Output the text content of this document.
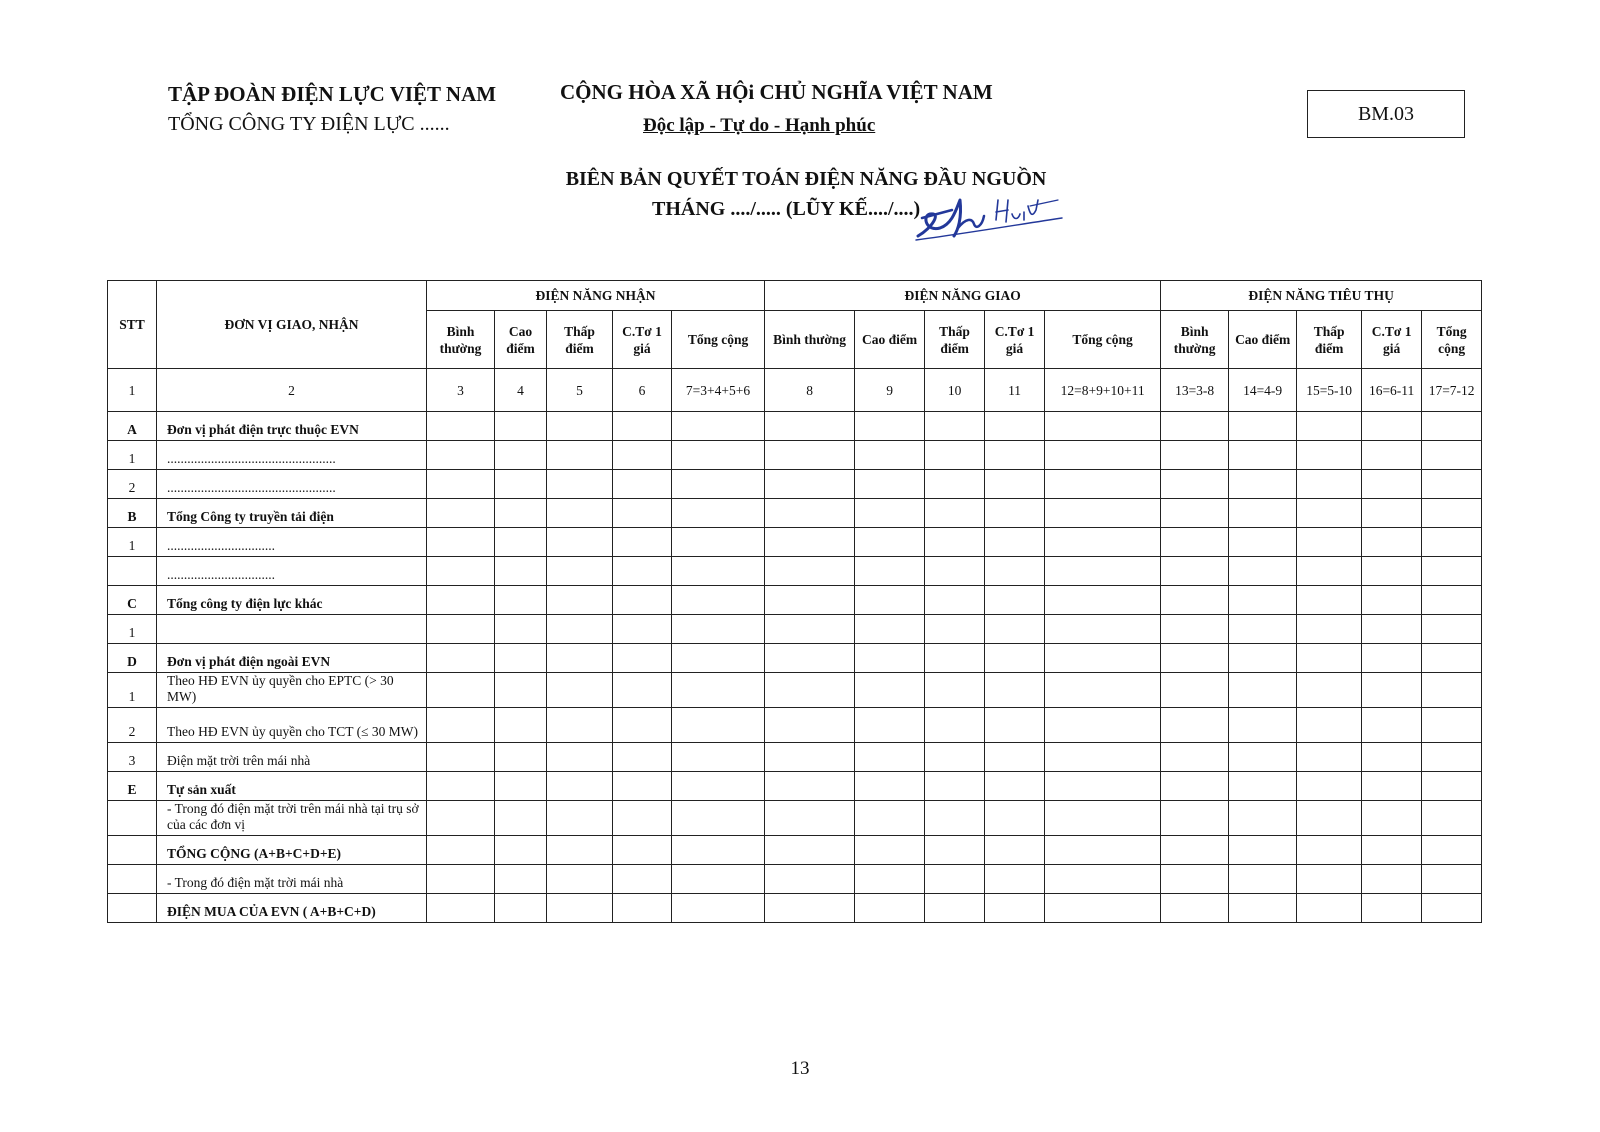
TẬP ĐOÀN ĐIỆN LỰC VIỆT NAM
TỔNG CÔNG TY ĐIỆN LỰC ......
CỘNG HÒA XÃ HỘi CHỦ NGHĨA VIỆT NAM
Độc lập - Tự do - Hạnh phúc
BM.03
BIÊN BẢN QUYẾT TOÁN ĐIỆN NĂNG ĐẦU NGUỒN
THÁNG ..../..... (LŨY KẾ..../....)
STT	ĐƠN VỊ GIAO, NHẬN	ĐIỆN NĂNG NHẬN					ĐIỆN NĂNG GIAO					ĐIỆN NĂNG TIÊU THỤ				
		Bình thường	Cao điểm	Thấp điểm	C.Tơ 1 giá	Tổng cộng	Bình thường	Cao điểm	Thấp điểm	C.Tơ 1 giá	Tổng cộng	Bình thường	Cao điểm	Thấp điểm	C.Tơ 1 giá	Tổng cộng
1	2	3	4	5	6	7=3+4+5+6	8	9	10	11	12=8+9+10+11	13=3-8	14=4-9	15=5-10	16=6-11	17=7-12
A	Đơn vị phát điện trực thuộc EVN															
1	..................................................															
2	..................................................															
B	Tổng Công ty truyền tải điện															
1	................................															
	................................															
C	Tổng công ty điện lực khác															
1																
D	Đơn vị phát điện ngoài EVN															
1	Theo HĐ EVN ủy quyền cho EPTC (> 30 MW)															
2	Theo HĐ EVN ủy quyền cho TCT (≤ 30 MW)															
3	Điện mặt trời trên mái nhà															
E	Tự sản xuất															
	- Trong đó điện mặt trời trên mái nhà tại trụ sở của các đơn vị															
	TỔNG CỘNG (A+B+C+D+E)															
	- Trong đó điện mặt trời mái nhà															
	ĐIỆN MUA CỦA EVN ( A+B+C+D)															
13
